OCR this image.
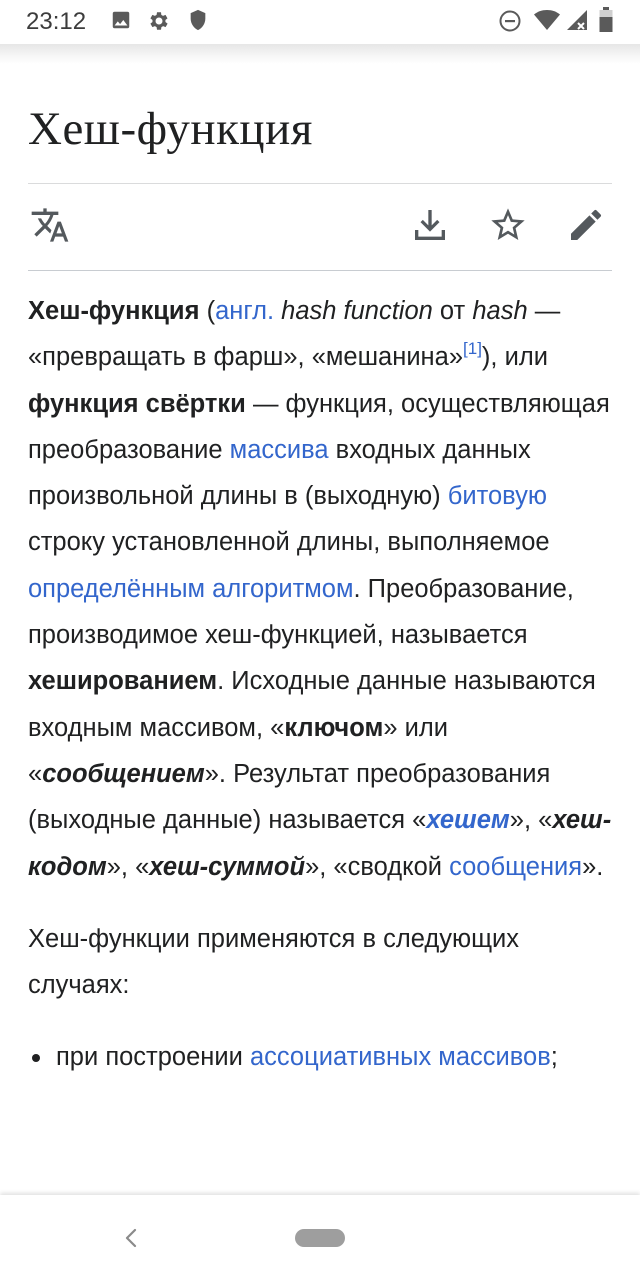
23:12
Хеш-функция

Хеш-функция (англ. hash function от hash — «превращать в фарш», «мешанина»[1]), или функция свёртки — функция, осуществляющая преобразование массива входных данных произвольной длины в (выходную) битовую строку установленной длины, выполняемое определённым алгоритмом. Преобразование, производимое хеш-функцией, называется хешированием. Исходные данные называются входным массивом, «ключом» или «сообщением». Результат преобразования (выходные данные) называется «хешем», «хеш-кодом», «хеш-суммой», «сводкой сообщения».

Хеш-функции применяются в следующих случаях:

при построении ассоциативных массивов;
